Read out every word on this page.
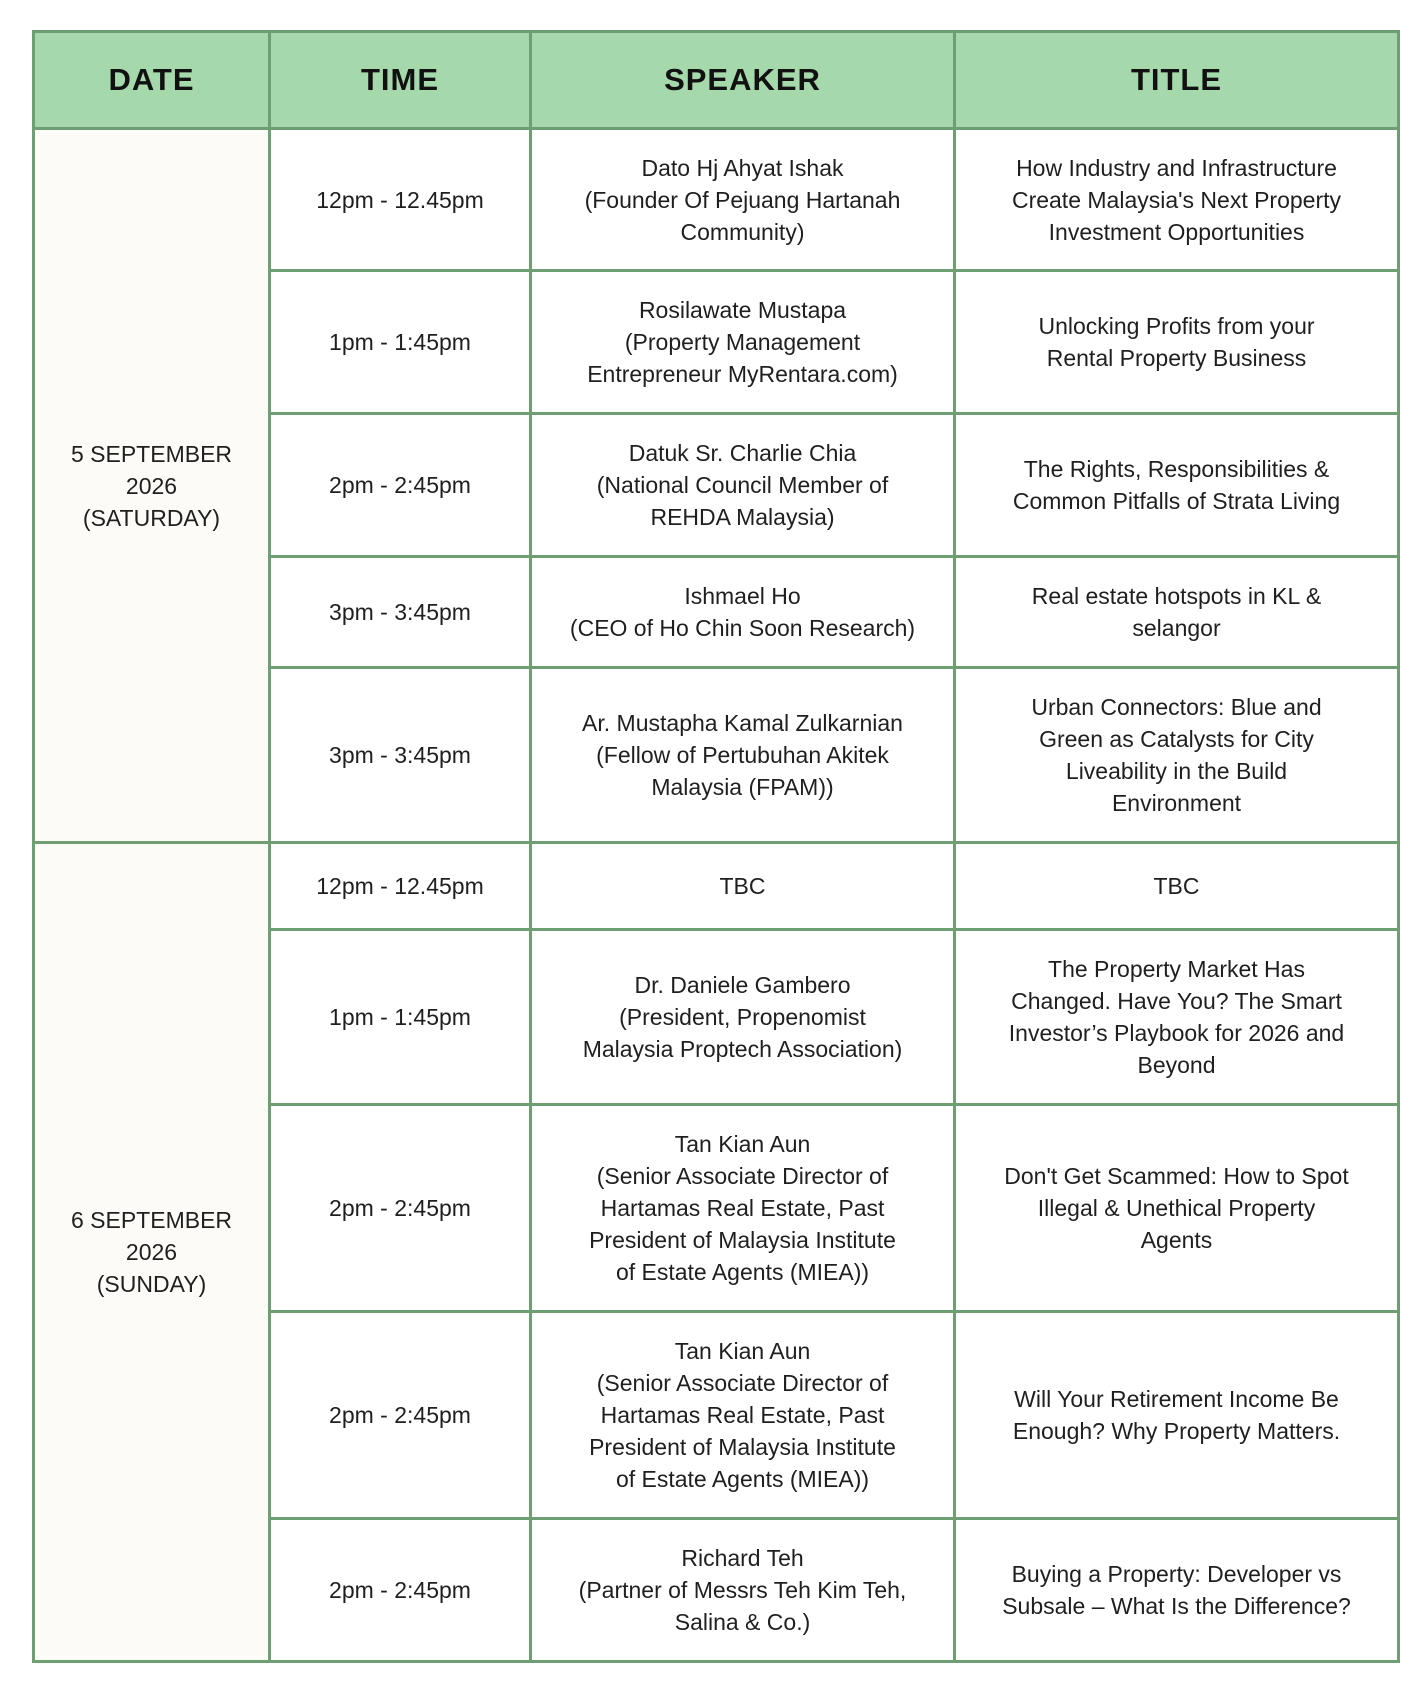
DATE	TIME	SPEAKER	TITLE
5 SEPTEMBER
2026
(SATURDAY)	12pm - 12.45pm	Dato Hj Ahyat Ishak
(Founder Of Pejuang Hartanah
Community)	How Industry and Infrastructure
Create Malaysia's Next Property
Investment Opportunities
	1pm - 1:45pm	Rosilawate Mustapa
(Property Management
Entrepreneur MyRentara.com)	Unlocking Profits from your
Rental Property Business
	2pm - 2:45pm	Datuk Sr. Charlie Chia
(National Council Member of
REHDA Malaysia)	The Rights, Responsibilities &
Common Pitfalls of Strata Living
	3pm - 3:45pm	Ishmael Ho
(CEO of Ho Chin Soon Research)	Real estate hotspots in KL &
selangor
	3pm - 3:45pm	Ar. Mustapha Kamal Zulkarnian
(Fellow of Pertubuhan Akitek
Malaysia (FPAM))	Urban Connectors: Blue and
Green as Catalysts for City
Liveability in the Build
Environment
6 SEPTEMBER
2026
(SUNDAY)	12pm - 12.45pm	TBC	TBC
	1pm - 1:45pm	Dr. Daniele Gambero
(President, Propenomist
Malaysia Proptech Association)	The Property Market Has
Changed. Have You? The Smart
Investor’s Playbook for 2026 and
Beyond
	2pm - 2:45pm	Tan Kian Aun
(Senior Associate Director of
Hartamas Real Estate, Past
President of Malaysia Institute
of Estate Agents (MIEA))	Don't Get Scammed: How to Spot
Illegal & Unethical Property
Agents
	2pm - 2:45pm	Tan Kian Aun
(Senior Associate Director of
Hartamas Real Estate, Past
President of Malaysia Institute
of Estate Agents (MIEA))	Will Your Retirement Income Be
Enough? Why Property Matters.
	2pm - 2:45pm	Richard Teh
(Partner of Messrs Teh Kim Teh,
Salina & Co.)	Buying a Property: Developer vs
Subsale – What Is the Difference?
